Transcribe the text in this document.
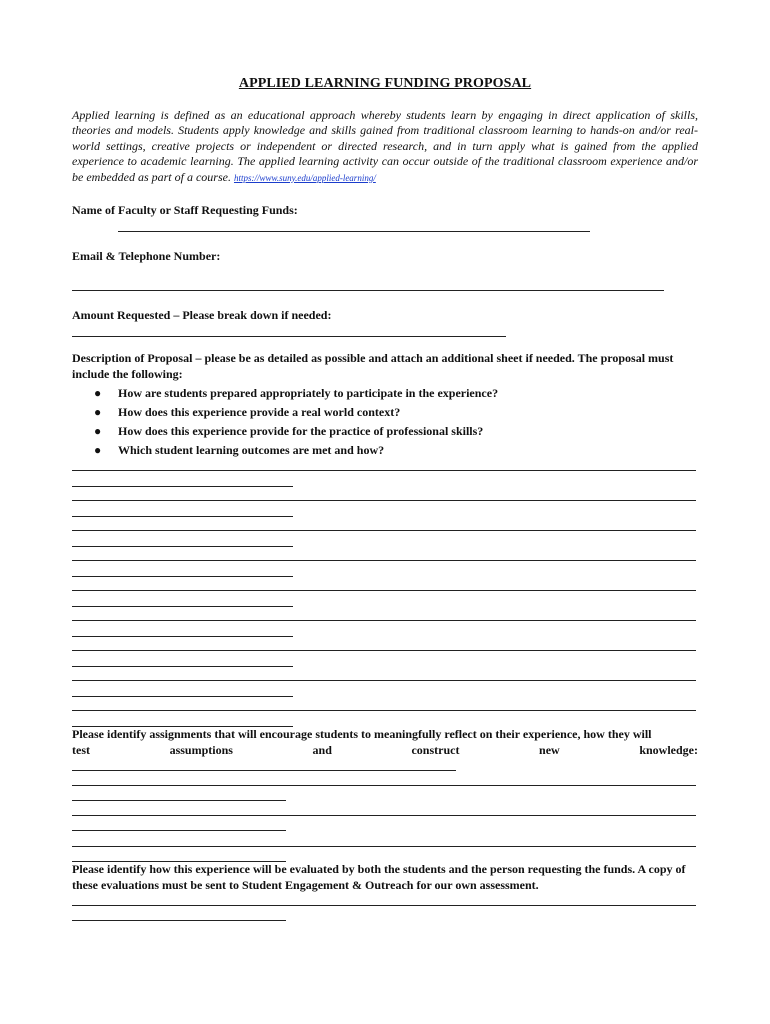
APPLIED LEARNING FUNDING PROPOSAL
Applied learning is defined as an educational approach whereby students learn by engaging in direct application of skills, theories and models. Students apply knowledge and skills gained from traditional classroom learning to hands-on and/or real-world settings, creative projects or independent or directed research, and in turn apply what is gained from the applied experience to academic learning. The applied learning activity can occur outside of the traditional classroom experience and/or be embedded as part of a course. https://www.suny.edu/applied-learning/
Name of Faculty or Staff Requesting Funds:
Email & Telephone Number:
Amount Requested – Please break down if needed:
Description of Proposal – please be as detailed as possible and attach an additional sheet if needed. The proposal must include the following:
● How are students prepared appropriately to participate in the experience?
● How does this experience provide a real world context?
● How does this experience provide for the practice of professional skills?
● Which student learning outcomes are met and how?
Please identify assignments that will encourage students to meaningfully reflect on their experience, how they will
test assumptions and construct new knowledge:
Please identify how this experience will be evaluated by both the students and the person requesting the funds. A copy of these evaluations must be sent to Student Engagement & Outreach for our own assessment.
